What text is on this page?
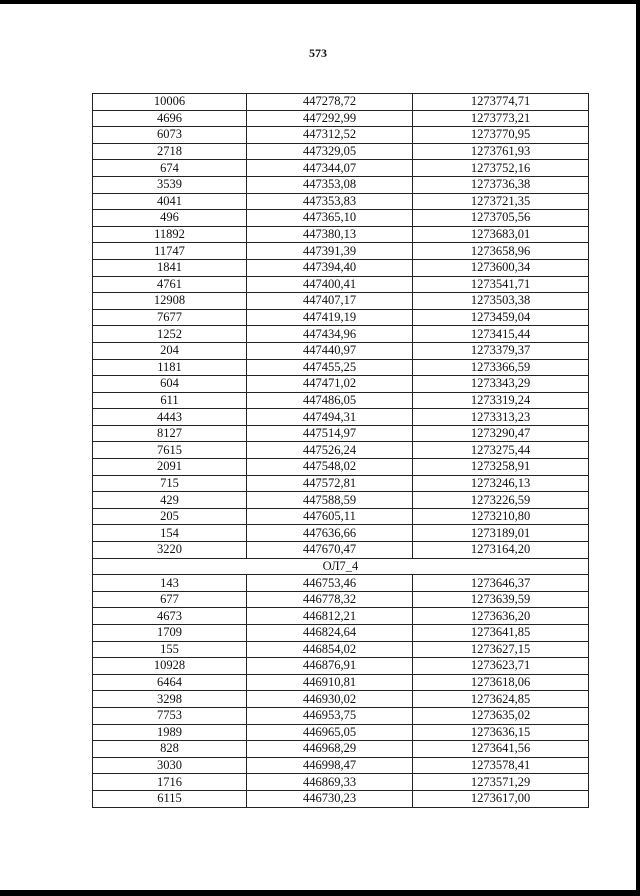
573
10006	447278,72	1273774,71
4696	447292,99	1273773,21
6073	447312,52	1273770,95
2718	447329,05	1273761,93
674	447344,07	1273752,16
3539	447353,08	1273736,38
4041	447353,83	1273721,35
496	447365,10	1273705,56
11892	447380,13	1273683,01
11747	447391,39	1273658,96
1841	447394,40	1273600,34
4761	447400,41	1273541,71
12908	447407,17	1273503,38
7677	447419,19	1273459,04
1252	447434,96	1273415,44
204	447440,97	1273379,37
1181	447455,25	1273366,59
604	447471,02	1273343,29
611	447486,05	1273319,24
4443	447494,31	1273313,23
8127	447514,97	1273290,47
7615	447526,24	1273275,44
2091	447548,02	1273258,91
715	447572,81	1273246,13
429	447588,59	1273226,59
205	447605,11	1273210,80
154	447636,66	1273189,01
3220	447670,47	1273164,20
ОЛ7_4		
143	446753,46	1273646,37
677	446778,32	1273639,59
4673	446812,21	1273636,20
1709	446824,64	1273641,85
155	446854,02	1273627,15
10928	446876,91	1273623,71
6464	446910,81	1273618,06
3298	446930,02	1273624,85
7753	446953,75	1273635,02
1989	446965,05	1273636,15
828	446968,29	1273641,56
3030	446998,47	1273578,41
1716	446869,33	1273571,29
6115	446730,23	1273617,00
